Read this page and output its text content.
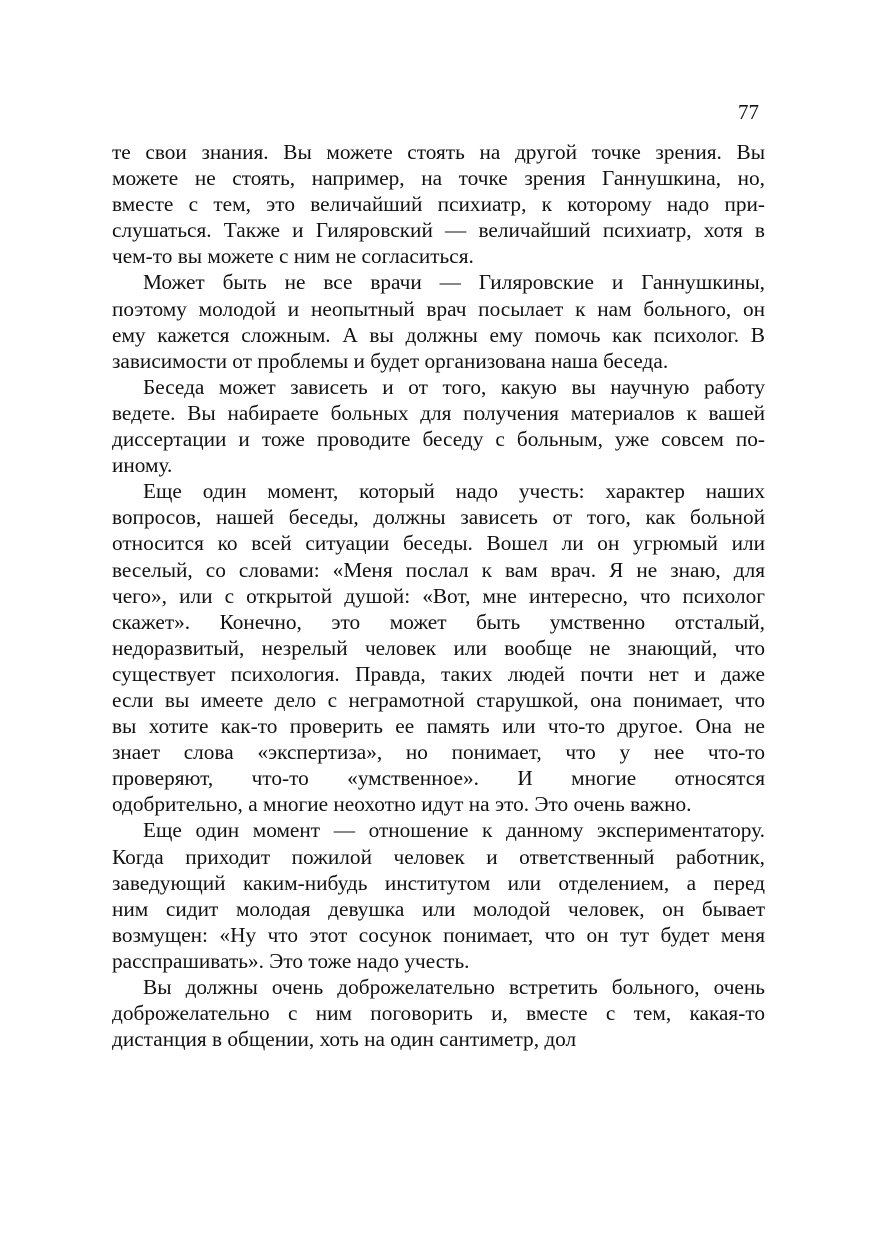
77
те свои знания. Вы можете стоять на другой точке зрения. Вы
можете не стоять, например, на точке зрения Ганнушкина, но,
вместе с тем, это величайший психиатр, к которому надо при-
слушаться. Также и Гиляровский — величайший психиатр, хотя в
чем-то вы можете с ним не согласиться.
Может быть не все врачи — Гиляровские и Ганнушкины,
поэтому молодой и неопытный врач посылает к нам больного, он
ему кажется сложным. А вы должны ему помочь как психолог. В
зависимости от проблемы и будет организована наша беседа.
Беседа может зависеть и от того, какую вы научную работу
ведете. Вы набираете больных для получения материалов к вашей
диссертации и тоже проводите беседу с больным, уже совсем по-
иному.
Еще один момент, который надо учесть: характер наших
вопросов, нашей беседы, должны зависеть от того, как больной
относится ко всей ситуации беседы. Вошел ли он угрюмый или
веселый, со словами: «Меня послал к вам врач. Я не знаю, для
чего», или с открытой душой: «Вот, мне интересно, что психолог
скажет». Конечно, это может быть умственно отсталый,
недоразвитый, незрелый человек или вообще не знающий, что
существует психология. Правда, таких людей почти нет и даже
если вы имеете дело с неграмотной старушкой, она понимает, что
вы хотите как-то проверить ее память или что-то другое. Она не
знает слова «экспертиза», но понимает, что у нее что-то
проверяют, что-то «умственное». И многие относятся
одобрительно, а многие неохотно идут на это. Это очень важно.
Еще один момент — отношение к данному экспериментатору.
Когда приходит пожилой человек и ответственный работник,
заведующий каким-нибудь институтом или отделением, а перед
ним сидит молодая девушка или молодой человек, он бывает
возмущен: «Ну что этот сосунок понимает, что он тут будет меня
расспрашивать». Это тоже надо учесть.
Вы должны очень доброжелательно встретить больного, очень
доброжелательно с ним поговорить и, вместе с тем, какая-то
дистанция в общении, хоть на один сантиметр, дол
